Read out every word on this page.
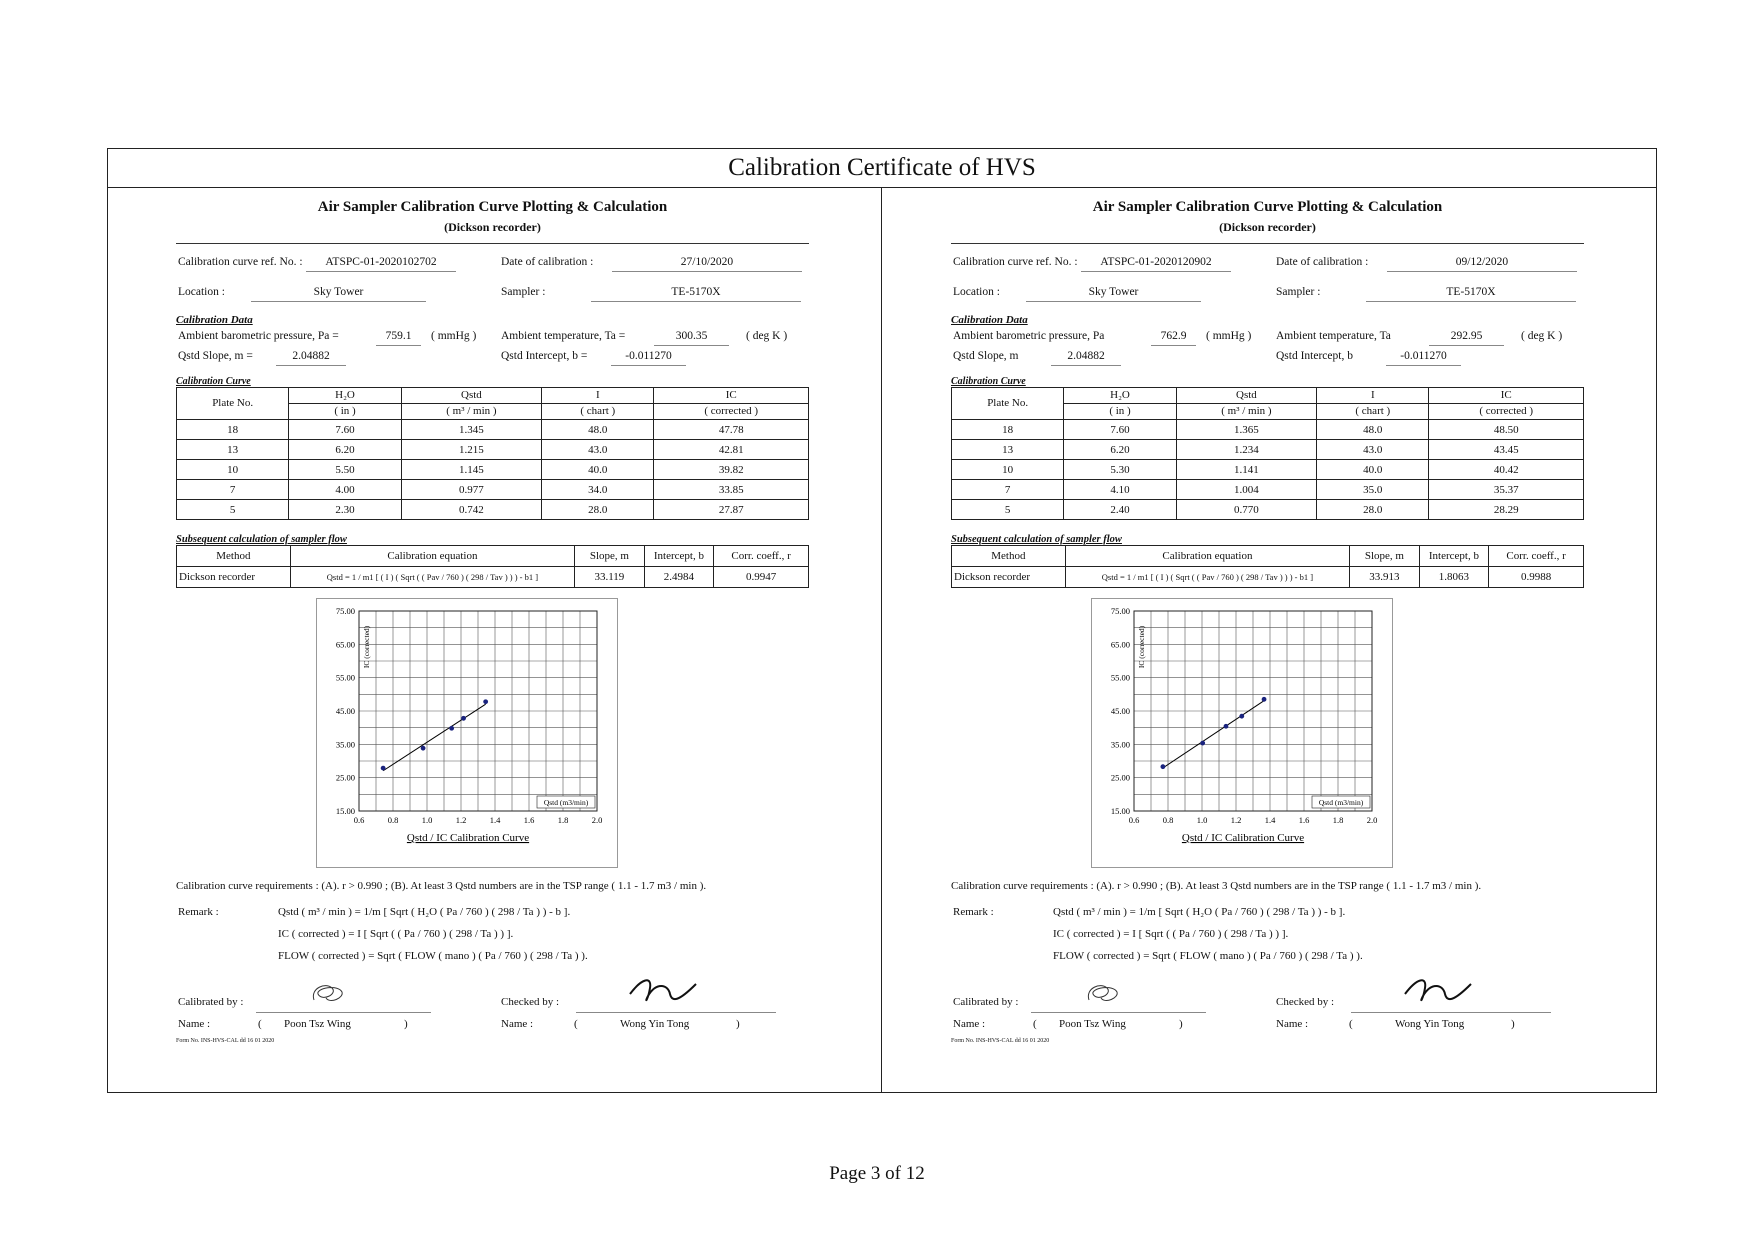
Calibration Certificate of HVS
Air Sampler Calibration Curve Plotting & Calculation
(Dickson recorder)
Calibration curve ref. No. :	ATSPC-01-2020102702	Date of calibration :	27/10/2020
Location :	Sky Tower	Sampler :	TE-5170X
Calibration Data
Ambient barometric pressure, Pa =	759.1	( mmHg ) Ambient temperature, Ta =	300.35	( deg K )
Qstd Slope, m =	2.04882	Qstd Intercept, b =	-0.011270
Calibration Curve
Plate No.	H₂O	Qstd	I	IC
	( in )	( m³ / min )	( chart )	( corrected )
18	7.60	1.345	48.0	47.78
13	6.20	1.215	43.0	42.81
10	5.50	1.145	40.0	39.82
7	4.00	0.977	34.0	33.85
5	2.30	0.742	28.0	27.87
Subsequent calculation of sampler flow
Method	Calibration equation	Slope, m	Intercept, b	Corr. coeff., r
Dickson recorder	Qstd = 1 / m1 [ ( I ) ( Sqrt ( ( Pav / 760 ) ( 298 / Tav ) ) ) - b1 ]	33.119	2.4984	0.9947
75.00
65.00
55.00
45.00
35.00
25.00
15.00
0.6	0.8	1.0	1.2	1.4	1.6	1.8	2.0
IC (corrected)
Qstd (m3/min)
Qstd / IC Calibration Curve
Calibration curve requirements : (A). r > 0.990 ; (B). At least 3 Qstd numbers are in the TSP range ( 1.1 - 1.7 m3 / min ).
Remark :	Qstd ( m³ / min ) = 1/m [ Sqrt ( H₂O ( Pa / 760 ) ( 298 / Ta ) ) - b ].
IC ( corrected ) = I [ Sqrt ( ( Pa / 760 ) ( 298 / Ta ) ) ].
FLOW ( corrected ) = Sqrt ( FLOW ( mano ) ( Pa / 760 ) ( 298 / Ta ) ).
Calibrated by :	Checked by :
Name :	( Poon Tsz Wing	)	Name :	(	Wong Yin Tong	)
Form No. INS-HVS-CAL dd 16 01 2020
Air Sampler Calibration Curve Plotting & Calculation
(Dickson recorder)
Calibration curve ref. No. :	ATSPC-01-2020120902	Date of calibration :	09/12/2020
Location :	Sky Tower	Sampler :	TE-5170X
Calibration Data
Ambient barometric pressure, Pa	762.9	( mmHg ) Ambient temperature, Ta	292.95	( deg K )
Qstd Slope, m	2.04882	Qstd Intercept, b	-0.011270
Calibration Curve
Plate No.	H₂O	Qstd	I	IC
	( in )	( m³ / min )	( chart )	( corrected )
18	7.60	1.365	48.0	48.50
13	6.20	1.234	43.0	43.45
10	5.30	1.141	40.0	40.42
7	4.10	1.004	35.0	35.37
5	2.40	0.770	28.0	28.29
Subsequent calculation of sampler flow
Method	Calibration equation	Slope, m	Intercept, b	Corr. coeff., r
Dickson recorder	Qstd = 1 / m1 [ ( I ) ( Sqrt ( ( Pav / 760 ) ( 298 / Tav ) ) ) - b1 ]	33.913	1.8063	0.9988
75.00
65.00
55.00
45.00
35.00
25.00
15.00
0.6	0.8	1.0	1.2	1.4	1.6	1.8	2.0
IC (corrected)
Qstd (m3/min)
Qstd / IC Calibration Curve
Calibration curve requirements : (A). r > 0.990 ; (B). At least 3 Qstd numbers are in the TSP range ( 1.1 - 1.7 m3 / min ).
Remark :	Qstd ( m³ / min ) = 1/m [ Sqrt ( H₂O ( Pa / 760 ) ( 298 / Ta ) ) - b ].
IC ( corrected ) = I [ Sqrt ( ( Pa / 760 ) ( 298 / Ta ) ) ].
FLOW ( corrected ) = Sqrt ( FLOW ( mano ) ( Pa / 760 ) ( 298 / Ta ) ).
Calibrated by :	Checked by :
Name :	( Poon Tsz Wing	)	Name :	(	Wong Yin Tong	)
Form No. INS-HVS-CAL dd 16 01 2020
Page 3 of 12
